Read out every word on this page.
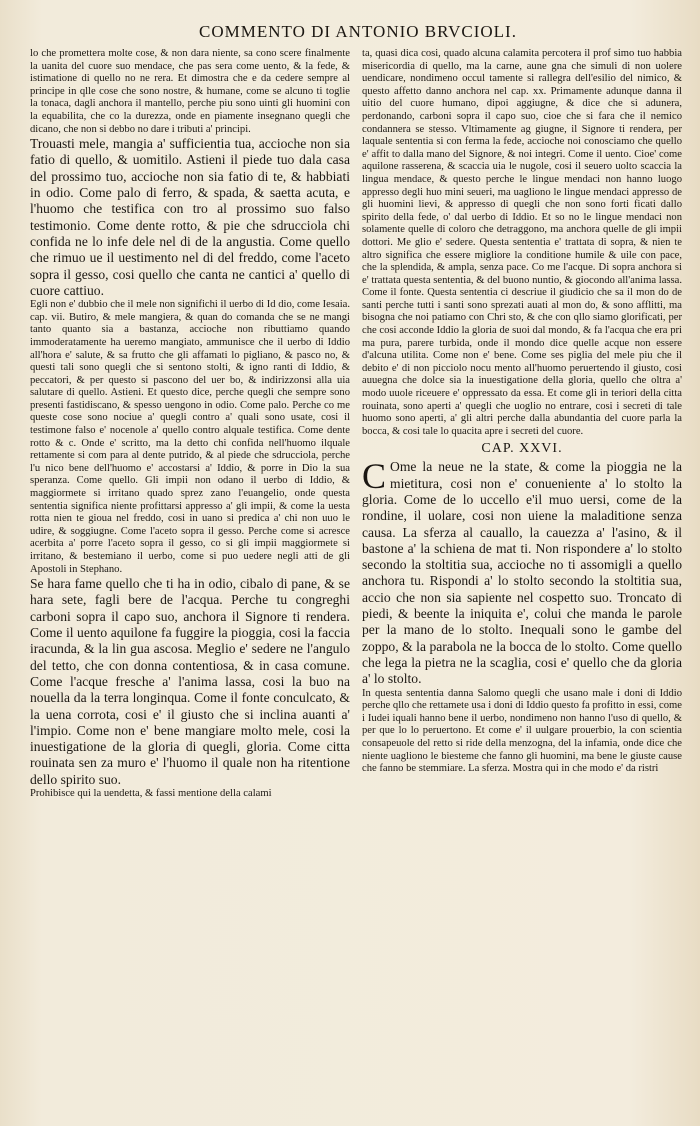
COMMENTO DI ANTONIO BRVCIOLI.

lo che promettera molte cose, & non dara niente, sa cono scere finalmente la uanita del cuore suo mendace, che pas sera come uento, & la fede, & istimatione di quello no ne rera. Et dimostra che e da cedere sempre al principe in qlle cose che sono nostre, & humane, come se alcuno ti toglie la tonaca, dagli anchora il mantello, perche piu sono uinti gli huomini con la equabilita, che co la durezza, onde en piamente insegnano quegli che dicano, che non si debbo no dare i tributi a' principi.

Trouasti mele, mangia a' sufficientia tua, accioche non sia fatio di quello, & uomitilo. Astieni il piede tuo dala casa del prossimo tuo, accioche non sia fatio di te, & habbiati in odio. Come palo di ferro, & spada, & saetta acuta, e l'huomo che testifica con tro al prossimo suo falso testimonio. Come dente rotto, & pie che sdrucciola chi confida ne lo infe dele nel di de la angustia. Come quello che rimuo ue il uestimento nel di del freddo, come l'aceto sopra il gesso, cosi quello che canta ne cantici a' quello di cuore cattiuo.

Egli non e' dubbio che il mele non significhi il uerbo di Id dio, come Iesaia. cap. vii. Butiro, & mele mangiera, & quan do comanda che se ne mangi tanto quanto sia a bastanza, accioche non ributtiamo quando immoderatamente ha ueremo mangiato, ammunisce che il uerbo di Iddio all'hora e' salute, & sa frutto che gli affamati lo pigliano, & pasco no, & questi tali sono quegli che si sentono stolti, & igno ranti di Iddio, & peccatori, & per questo si pascono del uer bo, & indirizzonsi alla uia salutare di quello. Astieni. Et questo dice, perche quegli che sempre sono presenti fastidiscano, & spesso uengono in odio. Come palo. Perche co me queste cose sono nociue a' quegli contro a' quali sono usate, cosi il testimone falso e' nocenole a' quello contro alquale testifica. Come dente rotto & c. Onde e' scritto, ma la detto chi confida nell'huomo ilquale rettamente si com para al dente putrido, & al piede che sdrucciola, perche l'u nico bene dell'huomo e' accostarsi a' Iddio, & porre in Dio la sua speranza. Come quello. Gli impii non odano il uerbo di Iddio, & maggiormete si irritano quado sprez zano l'euangelio, onde questa sententia significa niente profittarsi appresso a' gli impii, & come la uesta rotta nien te gioua nel freddo, cosi in uano si predica a' chi non uuo le udire, & soggiugne. Come l'aceto sopra il gesso. Perche come si acresce acerbita a' porre l'aceto sopra il gesso, co si gli impii maggiormete si irritano, & bestemiano il uerbo, come si puo uedere negli atti de gli Apostoli in Stephano.

Se hara fame quello che ti ha in odio, cibalo di pane, & se hara sete, fagli bere de l'acqua. Perche tu congreghi carboni sopra il capo suo, anchora il Signore ti rendera. Come il uento aquilone fa fuggire la pioggia, cosi la faccia iracunda, & la lin gua ascosa. Meglio e' sedere ne l'angulo del tetto, che con donna contentiosa, & in casa comune. Come l'acque fresche a' l'anima lassa, cosi la buo na nouella da la terra longinqua. Come il fonte conculcato, & la uena corrota, cosi e' il giusto che si inclina auanti a' l'impio. Come non e' bene mangiare molto mele, cosi la inuestigatione de la gloria di quegli, gloria. Come citta rouinata sen za muro e' l'huomo il quale non ha ritentione dello spirito suo.

Prohibisce qui la uendetta, & fassi mentione della calami

ta, quasi dica cosi, quado alcuna calamita percotera il prof simo tuo habbia misericordia di quello, ma la carne, aune gna che simuli di non uolere uendicare, nondimeno occul tamente si rallegra dell'esilio del nimico, & questo affetto danno anchora nel cap. xx. Primamente adunque danna il uitio del cuore humano, dipoi aggiugne, & dice che si adunera, perdonando, carboni sopra il capo suo, cioe che si fara che il nemico condannera se stesso. Vltimamente ag giugne, il Signore ti rendera, per laquale sententia si con ferma la fede, accioche noi conosciamo che quello e' affit to dalla mano del Signore, & noi integri. Come il uento. Cioe' come aquilone rasserena, & scaccia uia le nugole, cosi il seuero uolto scaccia la lingua mendace, & questo perche le lingue mendaci non hanno luogo appresso degli huo mini seueri, ma uagliono le lingue mendaci appresso de gli huomini lievi, & appresso di quegli che non sono forti ficati dallo spirito della fede, o' dal uerbo di Iddio. Et so no le lingue mendaci non solamente quelle di coloro che detraggono, ma anchora quelle de gli impii dottori. Me glio e' sedere. Questa sententia e' trattata di sopra, & nien te altro significa che essere migliore la conditione humile & uile con pace, che la splendida, & ampla, senza pace. Co me l'acque. Di sopra anchora si e' trattata questa sententia, & del buono nuntio, & giocondo all'anima lassa. Come il fonte. Questa sententia ci descriue il giudicio che sa il mon do de santi perche tutti i santi sono sprezati auati al mon do, & sono afflitti, ma bisogna che noi patiamo con Chri sto, & che con qllo siamo glorificati, per che cosi acconde Iddio la gloria de suoi dal mondo, & fa l'acqua che era pri ma pura, parere turbida, onde il mondo dice quelle acque non essere d'alcuna utilita. Come non e' bene. Come ses piglia del mele piu che il debito e' di non picciolo nocu mento all'huomo peruertendo il giusto, cosi auuegna che dolce sia la inuestigatione della gloria, quello che oltra a' modo uuole riceuere e' oppressato da essa. Et come gli in teriori della citta rouinata, sono aperti a' quegli che uoglio no entrare, cosi i secreti di tale huomo sono aperti, a' gli altri perche dalla abundantia del cuore parla la bocca, & cosi tale lo quacita apre i secreti del cuore.

CAP. XXVI.

C Ome la neue ne la state, & come la pioggia ne la mietitura, cosi non e' conueniente a' lo stolto la gloria. Come de lo uccello e'il muo uersi, come de la rondine, il uolare, cosi non uiene la maladitione senza causa. La sferza al cauallo, la cauezza a' l'asino, & il bastone a' la schiena de mat ti. Non rispondere a' lo stolto secondo la stoltitia sua, accioche no ti assomigli a quello anchora tu. Rispondi a' lo stolto secondo la stoltitia sua, accio che non sia sapiente nel cospetto suo. Troncato di piedi, & beente la iniquita e', colui che manda le parole per la mano de lo stolto. Inequali sono le gambe del zoppo, & la parabola ne la bocca de lo stolto. Come quello che lega la pietra ne la scaglia, cosi e' quello che da gloria a' lo stolto.

In questa sententia danna Salomo quegli che usano male i doni di Iddio perche qllo che rettamete usa i doni di Iddio questo fa profitto in essi, come i Iudei iquali hanno bene il uerbo, nondimeno non hanno l'uso di quello, & per que lo lo peruertono. Et come e' il uulgare prouerbio, la con scientia consapeuole del retto si ride della menzogna, del la infamia, onde dice che niente uagliono le biesteme che fanno gli huomini, ma bene le giuste cause che fanno be stemmiare. La sferza. Mostra qui in che modo e' da ristri
